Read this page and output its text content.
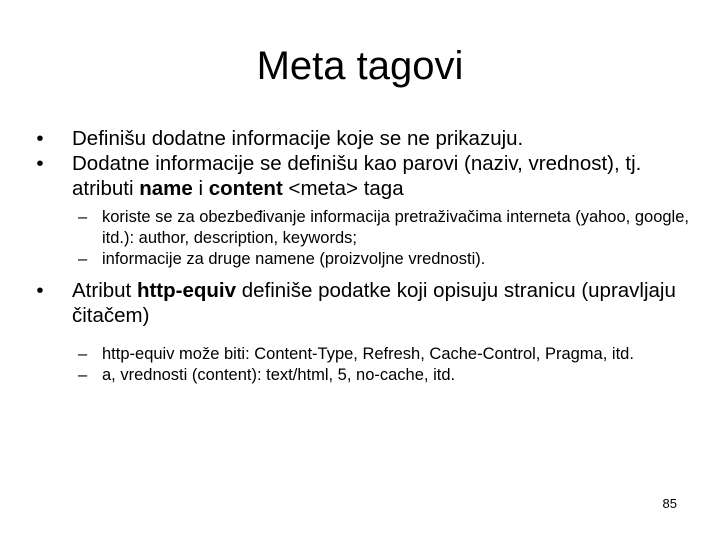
Meta tagovi
•	Definišu dodatne informacije koje se ne prikazuju.
•	Dodatne informacije se definišu kao parovi (naziv, vrednost), tj. atributi name i content <meta> taga
– koriste se za obezbeđivanje informacija pretraživačima interneta (yahoo, google, itd.): author, description, keywords;
– informacije za druge namene (proizvoljne vrednosti).
•	Atribut http-equiv definiše podatke koji opisuju stranicu (upravljaju čitačem)
– http-equiv može biti: Content-Type, Refresh, Cache-Control, Pragma, itd.
– a, vrednosti (content): text/html, 5, no-cache, itd.
85
